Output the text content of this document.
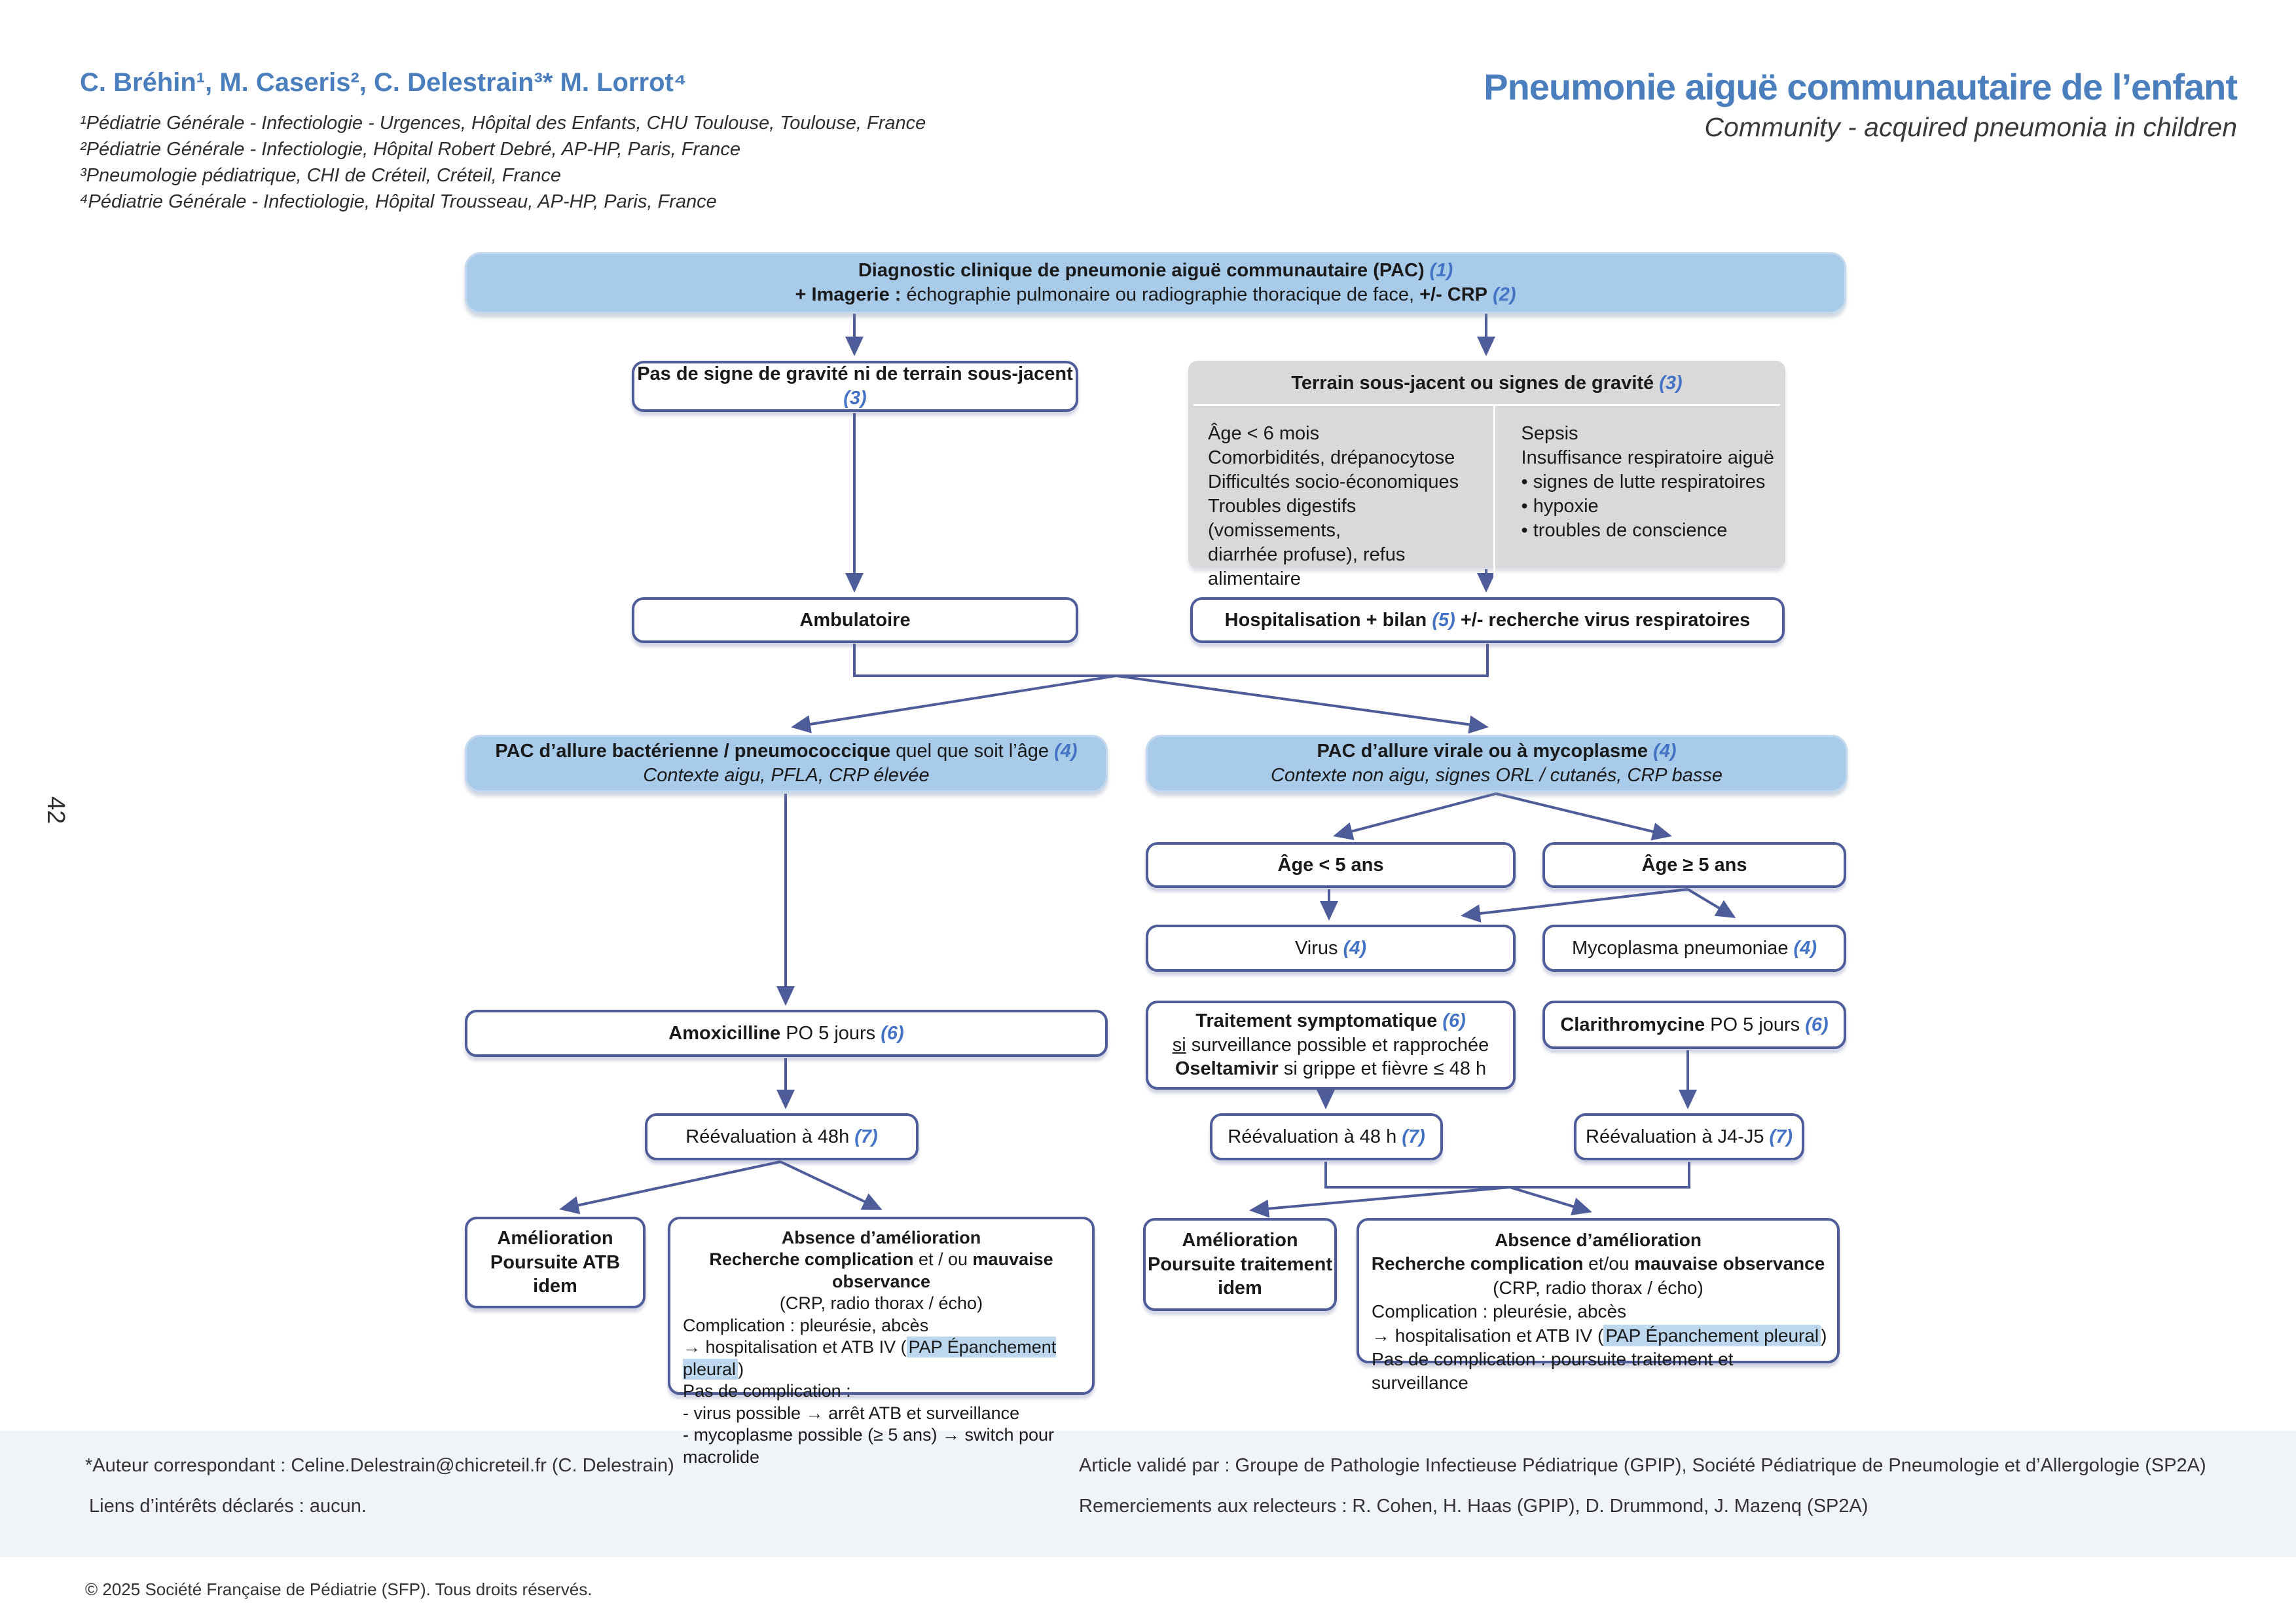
C. Bréhin¹, M. Caseris², C. Delestrain³* M. Lorrot⁴
¹Pédiatrie Générale - Infectiologie - Urgences, Hôpital des Enfants, CHU Toulouse, Toulouse, France
²Pédiatrie Générale - Infectiologie, Hôpital Robert Debré, AP-HP, Paris, France
³Pneumologie pédiatrique, CHI de Créteil, Créteil, France
⁴Pédiatrie Générale - Infectiologie, Hôpital Trousseau, AP-HP, Paris, France
Pneumonie aiguë communautaire de l’enfant
Community - acquired pneumonia in children
42
Diagnostic clinique de pneumonie aiguë communautaire (PAC) (1)
+ Imagerie : échographie pulmonaire ou radiographie thoracique de face, +/- CRP (2)
Pas de signe de gravité ni de terrain sous-jacent (3)
Terrain sous-jacent ou signes de gravité (3)
Âge < 6 mois
Comorbidités, drépanocytose
Difficultés socio-économiques
Troubles digestifs (vomissements,
diarrhée profuse), refus alimentaire
Sepsis
Insuffisance respiratoire aiguë
• signes de lutte respiratoires
• hypoxie
• troubles de conscience
Ambulatoire	Hospitalisation + bilan (5) +/- recherche virus respiratoires
PAC d’allure bactérienne / pneumococcique quel que soit l’âge (4)
Contexte aigu, PFLA, CRP élevée
PAC d’allure virale ou à mycoplasme (4)
Contexte non aigu, signes ORL / cutanés, CRP basse
Âge < 5 ans	Âge ≥ 5 ans
Virus (4)	Mycoplasma pneumoniae (4)
Amoxicilline PO 5 jours (6)
Traitement symptomatique (6)
si surveillance possible et rapprochée
Oseltamivir si grippe et fièvre ≤ 48 h
Clarithromycine PO 5 jours (6)
Réévaluation à 48h (7)	Réévaluation à 48 h (7)	Réévaluation à J4-J5 (7)
Amélioration
Poursuite ATB idem
Absence d’amélioration
Recherche complication et / ou mauvaise observance
(CRP, radio thorax / écho)
Complication : pleurésie, abcès
→ hospitalisation et ATB IV ( PAP Épanchement pleural )
Pas de complication :
- virus possible → arrêt ATB et surveillance
- mycoplasme possible (≥ 5 ans) → switch pour macrolide
Amélioration
Poursuite traitement
idem
Absence d’amélioration
Recherche complication et/ou mauvaise observance
(CRP, radio thorax / écho)
Complication : pleurésie, abcès
→ hospitalisation et ATB IV ( PAP Épanchement pleural )
Pas de complication : poursuite traitement et surveillance
*Auteur correspondant : Celine.Delestrain@chicreteil.fr (C. Delestrain)
Liens d’intérêts déclarés : aucun.
Article validé par : Groupe de Pathologie Infectieuse Pédiatrique (GPIP), Société Pédiatrique de Pneumologie et d’Allergologie (SP2A)
Remerciements aux relecteurs : R. Cohen, H. Haas (GPIP), D. Drummond, J. Mazenq (SP2A)
© 2025 Société Française de Pédiatrie (SFP). Tous droits réservés.
